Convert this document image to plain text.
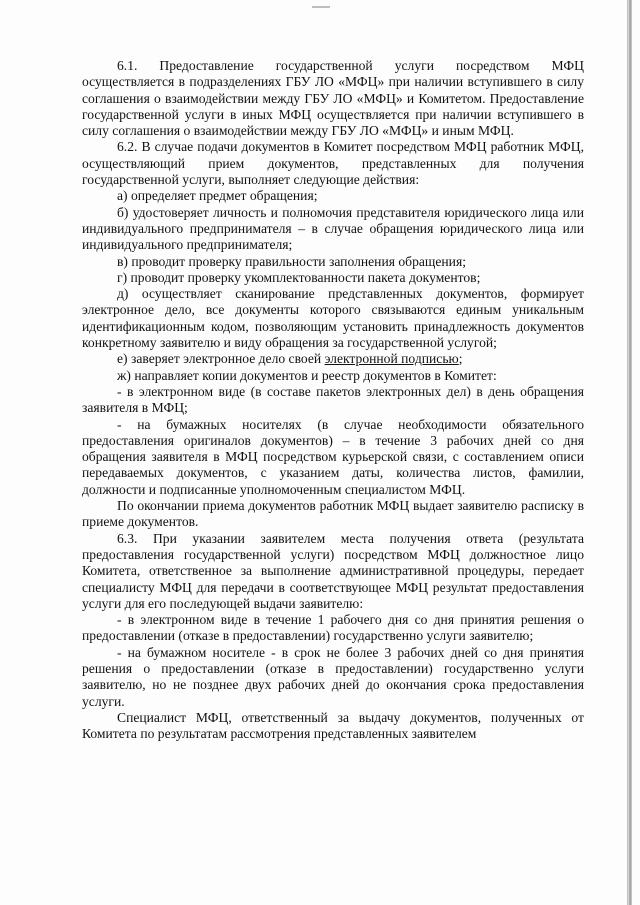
6.1. Предоставление государственной услуги посредством МФЦ осуществляется в подразделениях ГБУ ЛО «МФЦ» при наличии вступившего в силу соглашения о взаимодействии между ГБУ ЛО «МФЦ» и Комитетом. Предоставление государственной услуги в иных МФЦ осуществляется при наличии вступившего в силу соглашения о взаимодействии между ГБУ ЛО «МФЦ» и иным МФЦ.

6.2. В случае подачи документов в Комитет посредством МФЦ работник МФЦ, осуществляющий прием документов, представленных для получения государственной услуги, выполняет следующие действия:

а) определяет предмет обращения;

б) удостоверяет личность и полномочия представителя юридического лица или индивидуального предпринимателя – в случае обращения юридического лица или индивидуального предпринимателя;

в) проводит проверку правильности заполнения обращения;

г) проводит проверку укомплектованности пакета документов;

д) осуществляет сканирование представленных документов, формирует электронное дело, все документы которого связываются единым уникальным идентификационным кодом, позволяющим установить принадлежность документов конкретному заявителю и виду обращения за государственной услугой;

е) заверяет электронное дело своей электронной подписью;

ж) направляет копии документов и реестр документов в Комитет:

- в электронном виде (в составе пакетов электронных дел) в день обращения заявителя в МФЦ;

- на бумажных носителях (в случае необходимости обязательного предоставления оригиналов документов) – в течение 3 рабочих дней со дня обращения заявителя в МФЦ посредством курьерской связи, с составлением описи передаваемых документов, с указанием даты, количества листов, фамилии, должности и подписанные уполномоченным специалистом МФЦ.

По окончании приема документов работник МФЦ выдает заявителю расписку в приеме документов.

6.3. При указании заявителем места получения ответа (результата предоставления государственной услуги) посредством МФЦ должностное лицо Комитета, ответственное за выполнение административной процедуры, передает специалисту МФЦ для передачи в соответствующее МФЦ результат предоставления услуги для его последующей выдачи заявителю:

- в электронном виде в течение 1 рабочего дня со дня принятия решения о предоставлении (отказе в предоставлении) государственно услуги заявителю;

- на бумажном носителе - в срок не более 3 рабочих дней со дня принятия решения о предоставлении (отказе в предоставлении) государственно услуги заявителю, но не позднее двух рабочих дней до окончания срока предоставления услуги.

Специалист МФЦ, ответственный за выдачу документов, полученных от Комитета по результатам рассмотрения представленных заявителем
